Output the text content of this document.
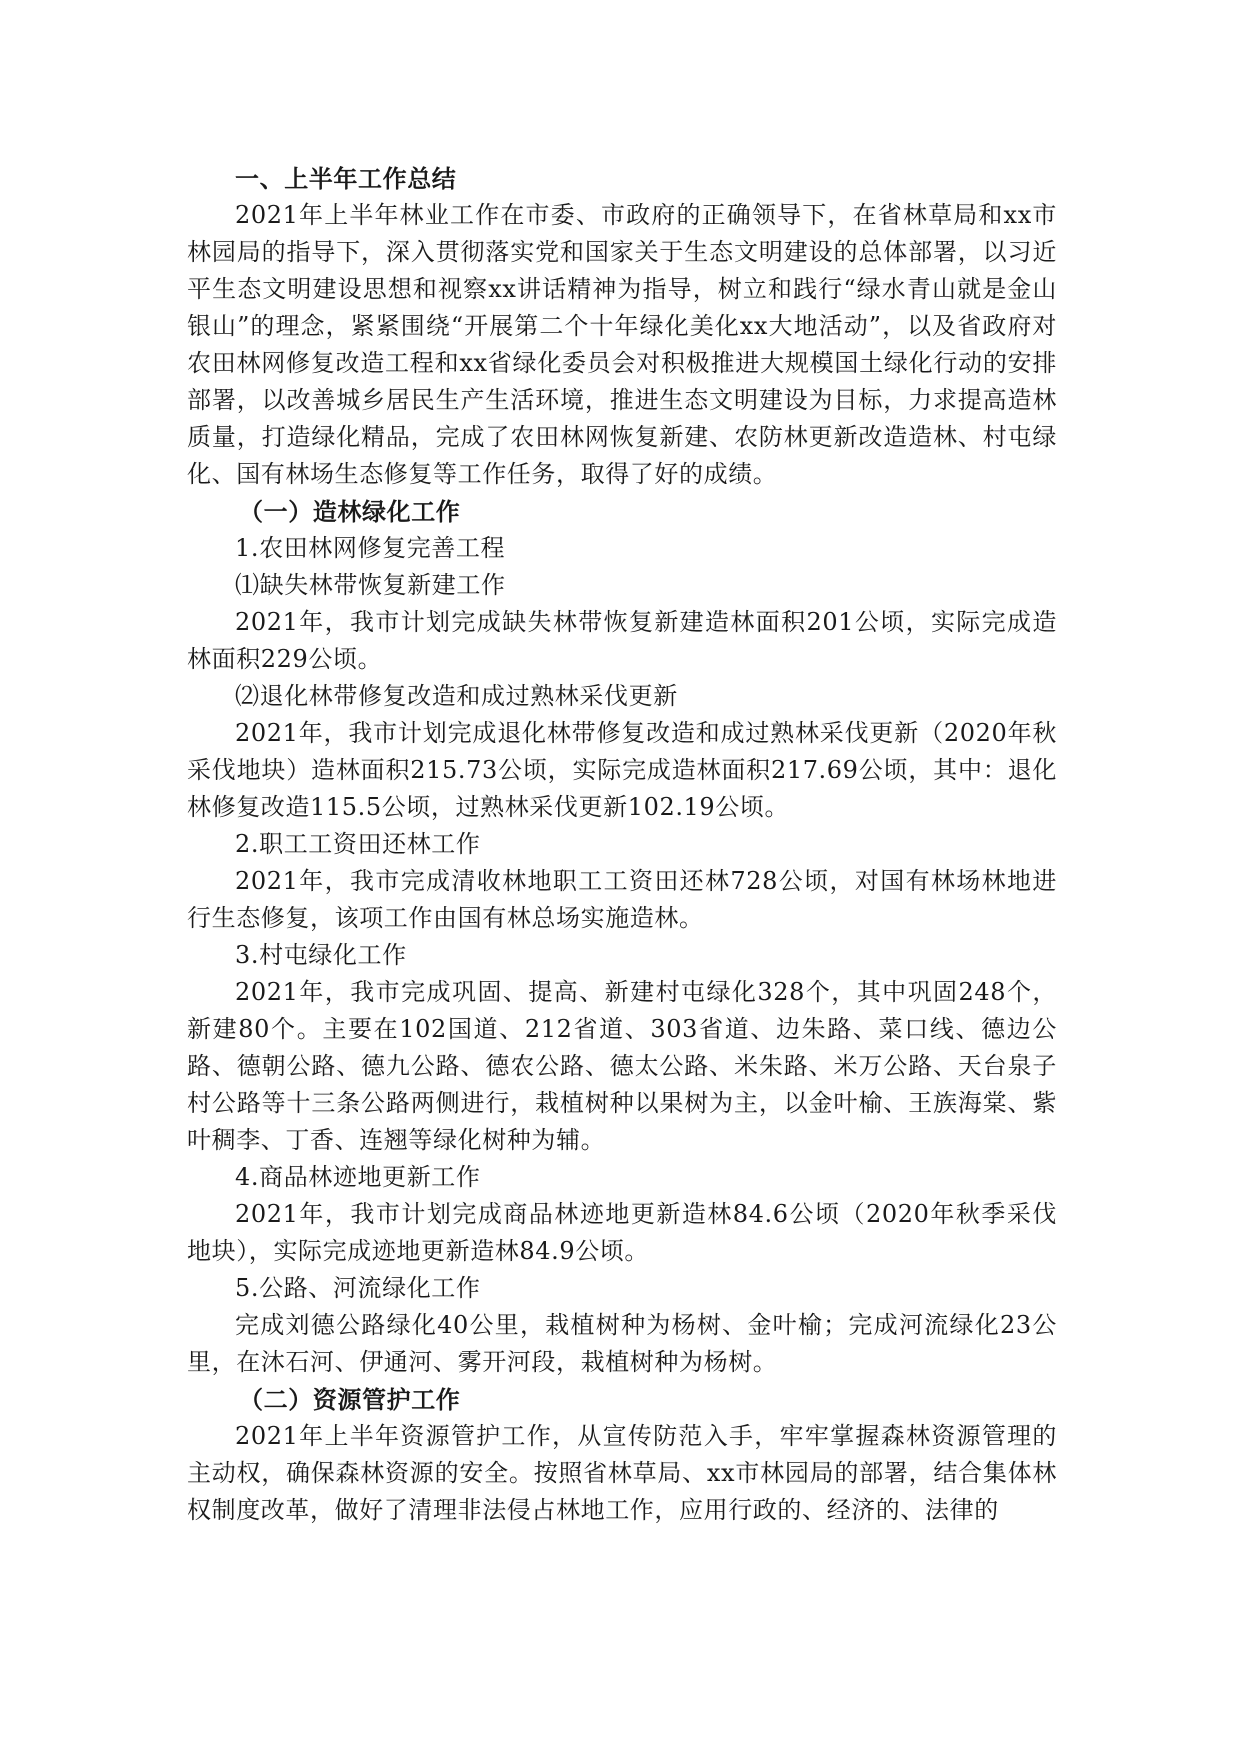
一、上半年工作总结

2021年上半年林业工作在市委、市政府的正确领导下，在省林草局和xx市林园局的指导下，深入贯彻落实党和国家关于生态文明建设的总体部署，以习近平生态文明建设思想和视察xx讲话精神为指导，树立和践行“绿水青山就是金山银山”的理念，紧紧围绕“开展第二个十年绿化美化xx大地活动”，以及省政府对农田林网修复改造工程和xx省绿化委员会对积极推进大规模国土绿化行动的安排部署，以改善城乡居民生产生活环境，推进生态文明建设为目标，力求提高造林质量，打造绿化精品，完成了农田林网恢复新建、农防林更新改造造林、村屯绿化、国有林场生态修复等工作任务，取得了好的成绩。

（一）造林绿化工作

1.农田林网修复完善工程

⑴缺失林带恢复新建工作

2021年，我市计划完成缺失林带恢复新建造林面积201公顷，实际完成造林面积229公顷。

⑵退化林带修复改造和成过熟林采伐更新

2021年，我市计划完成退化林带修复改造和成过熟林采伐更新（2020年秋采伐地块）造林面积215.73公顷，实际完成造林面积217.69公顷，其中：退化林修复改造115.5公顷，过熟林采伐更新102.19公顷。

2.职工工资田还林工作

2021年，我市完成清收林地职工工资田还林728公顷，对国有林场林地进行生态修复，该项工作由国有林总场实施造林。

3.村屯绿化工作

2021年，我市完成巩固、提高、新建村屯绿化328个，其中巩固248个，新建80个。主要在102国道、212省道、303省道、边朱路、菜口线、德边公路、德朝公路、德九公路、德农公路、德太公路、米朱路、米万公路、天台泉子村公路等十三条公路两侧进行，栽植树种以果树为主，以金叶榆、王族海棠、紫叶稠李、丁香、连翘等绿化树种为辅。

4.商品林迹地更新工作

2021年，我市计划完成商品林迹地更新造林84.6公顷（2020年秋季采伐地块），实际完成迹地更新造林84.9公顷。

5.公路、河流绿化工作

完成刘德公路绿化40公里，栽植树种为杨树、金叶榆；完成河流绿化23公里，在沐石河、伊通河、雾开河段，栽植树种为杨树。

（二）资源管护工作

2021年上半年资源管护工作，从宣传防范入手，牢牢掌握森林资源管理的主动权，确保森林资源的安全。按照省林草局、xx市林园局的部署，结合集体林权制度改革，做好了清理非法侵占林地工作，应用行政的、经济的、法律的
